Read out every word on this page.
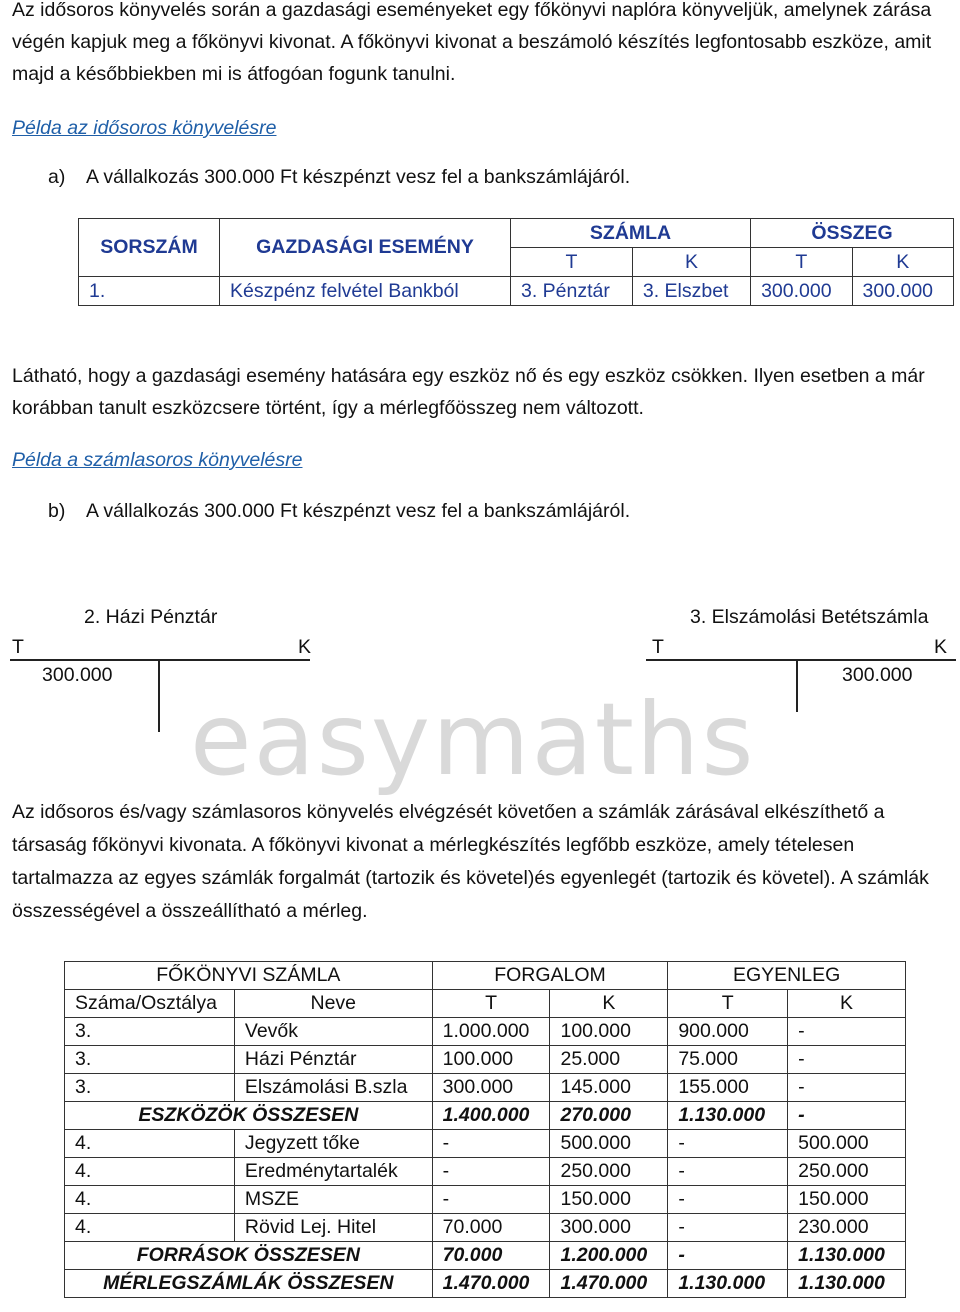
Az idősoros könyvelés során a gazdasági eseményeket egy főkönyvi naplóra könyveljük, amelynek zárása végén kapjuk meg a főkönyvi kivonat. A főkönyvi kivonat a beszámoló készítés legfontosabb eszköze, amit majd a későbbiekben mi is átfogóan fogunk tanulni.

Példa az idősoros könyvelésre
a) A vállalkozás 300.000 Ft készpénzt vesz fel a bankszámlájáról.
SORSZÁM	GAZDASÁGI ESEMÉNY	SZÁMLA		ÖSSZEG	
		T	K	T	K
1.	Készpénz felvétel Bankból	3. Pénztár	3. Elszbet	300.000	300.000

Látható, hogy a gazdasági esemény hatására egy eszköz nő és egy eszköz csökken. Ilyen esetben a már korábban tanult eszközcsere történt, így a mérlegfőösszeg nem változott.

Példa a számlasoros könyvelésre
b) A vállalkozás 300.000 Ft készpénzt vesz fel a bankszámlájáról.
2. Házi Pénztár
T	K
300.000
3. Elszámolási Betétszámla
T	K
300.000
easymaths

Az idősoros és/vagy számlasoros könyvelés elvégzését követően a számlák zárásával elkészíthető a társaság főkönyvi kivonata. A főkönyvi kivonat a mérlegkészítés legfőbb eszköze, amely tételesen tartalmazza az egyes számlák forgalmát (tartozik és követel)és egyenlegét (tartozik és követel). A számlák összességével a összeállítható a mérleg.

FŐKÖNYVI SZÁMLA		FORGALOM		EGYENLEG	
Száma/Osztálya	Neve	T	K	T	K
3.	Vevők	1.000.000	100.000	900.000	-
3.	Házi Pénztár	100.000	25.000	75.000	-
3.	Elszámolási B.szla	300.000	145.000	155.000	-
ESZKÖZÖK ÖSSZESEN		1.400.000	270.000	1.130.000	-
4.	Jegyzett tőke	-	500.000	-	500.000
4.	Eredménytartalék	-	250.000	-	250.000
4.	MSZE	-	150.000	-	150.000
4.	Rövid Lej. Hitel	70.000	300.000	-	230.000
FORRÁSOK ÖSSZESEN		70.000	1.200.000	-	1.130.000
MÉRLEGSZÁMLÁK ÖSSZESEN		1.470.000	1.470.000	1.130.000	1.130.000
